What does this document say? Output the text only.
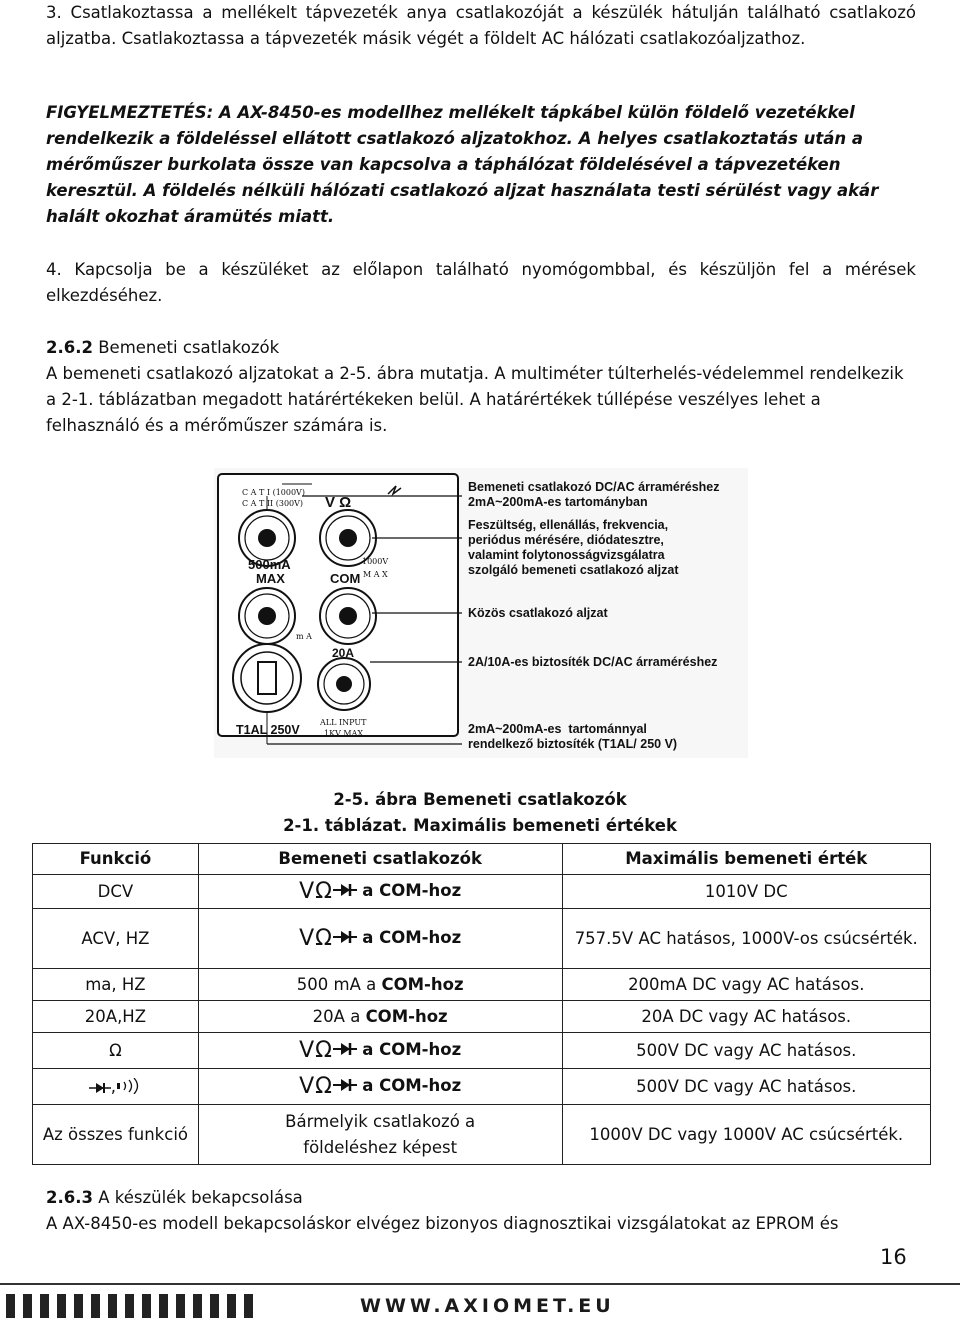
3. Csatlakoztassa a mellékelt tápvezeték anya csatlakozóját a készülék hátulján található csatlakozó aljzatba. Csatlakoztassa a tápvezeték másik végét a földelt AC hálózati csatlakozóaljzathoz.

FIGYELMEZTETÉS: A AX-8450-es modellhez mellékelt tápkábel külön földelő vezetékkel rendelkezik a földeléssel ellátott csatlakozó aljzatokhoz. A helyes csatlakoztatás után a mérőműszer burkolata össze van kapcsolva a táphálózat földelésével a tápvezetéken keresztül. A földelés nélküli hálózati csatlakozó aljzat használata testi sérülést vagy akár halált okozhat áramütés miatt.

4. Kapcsolja be a készüléket az előlapon található nyomógombbal, és készüljön fel a mérések elkezdéséhez.

2.6.2 Bemeneti csatlakozók
A bemeneti csatlakozó aljzatokat a 2-5. ábra mutatja. A multiméter túlterhelés-védelemmel rendelkezik a 2-1. táblázatban megadott határértékeken belül. A határértékek túllépése veszélyes lehet a felhasználó és a mérőműszer számára is.
C A T I (1000V)
C A T II (300V) V Ω
500mA
MAX
1000V
COM M A X
m A
20A
T1AL 250V
ALL INPUT
1KV MAX
Bemeneti csatlakozó DC/AC árraméréshez
2mA~200mA-es tartományban
Feszültség, ellenállás, frekvencia,
periódus mérésére, diódatesztre,
valamint folytonosságvizsgálatra
szolgáló bemeneti csatlakozó aljzat
Közös csatlakozó aljzat
2A/10A-es biztosíték DC/AC árraméréshez
2mA~200mA-es  tartománnyal
rendelkező biztosíték (T1AL/ 250 V)
2-5. ábra Bemeneti csatlakozók
2-1. táblázat. Maximális bemeneti értékek
Funkció	Bemeneti csatlakozók	Maximális bemeneti érték
DCV	VΩ a COM-hoz	1010V DC
ACV, HZ	VΩ a COM-hoz	757.5V AC hatásos, 1000V-os csúcsérték.
ma, HZ	500 mA a COM-hoz	200mA DC vagy AC hatásos.
20A,HZ	20A a COM-hoz	20A DC vagy AC hatásos.
Ω	VΩ a COM-hoz	500V DC vagy AC hatásos.
,	VΩ a COM-hoz	500V DC vagy AC hatásos.
Az összes funkció	Bármelyik csatlakozó a földeléshez képest	1000V DC vagy 1000V AC csúcsérték.
2.6.3 A készülék bekapcsolása
A AX-8450-es modell bekapcsoláskor elvégez bizonyos diagnosztikai vizsgálatokat az EPROM és
16
WWW.AXIOMET.EU
